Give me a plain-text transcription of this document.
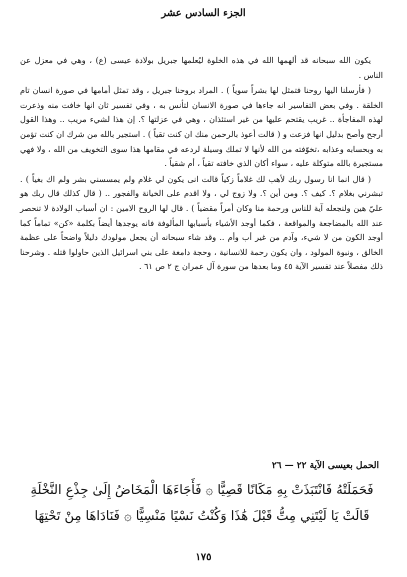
الجزء السادس عشر

يكون الله سبحانه قد ألهمها الله في هذه الخلوة ليُعلمها جبريل بولادة عيسى (ع) ، وهي في معزل عن الناس .

( فأرسلنا اليها روحنا فتمثل لها بشراً سوياً ) . المراد بروحنا جبريل ، وقد تمثل أمامها في صورة انسان تام الخلقة . وفي بعض التفاسير انه جاءها في صورة الانسان لتأنس به ، وفي تفسير ثان انها خافت منه وذعرت لهذه المفاجأة .. غريب يقتحم عليها من غير استئذان ، وهي في عزلتها ؟. إن هذا لشيء مريب .. وهذا القول أرجح وأصح بدليل انها فزعت و ( قالت أعوذ بالرحمن منك ان كنت تقياً ) . استجير بالله من شرك ان كنت تؤمن به وبحسابه وعذابه ،تخوّفته من الله لأنها لا تملك وسيلة لردعه في مقامها هذا سوى التخويف من الله ، ولا فهي مستجيرة بالله متوكلة عليه ، سواء أكان الذي خافته تقياً ، أم شقياً .

( قال انما انا رسول ربك لأهب لك غلاماً زكياً قالت انى يكون لي غلام ولم يمسسني بشر ولم اك بغياً ) . تبشرني بغلام ؟. كيف ؟. ومن أين ؟. ولا زوج لي ، ولا اقدم على الخيانة والفجور .. ( قال كذلك قال ربك هو عليّ هين ولنجعله آية للناس ورحمة منا وكان أمراً مقضياً ) . قال لها الروح الامين : ان أسباب الولادة لا تنحصر عند الله بالمضاجعة والمواقعة ، فكما أوجد الأشياء بأسبابها المألوفة فانه يوجدها أيضاً بكلمة «كن» تماماً كما أوجد الكون من لا شيء، وآدم من غير أب وأم .. وقد شاء سبحانه أن يجعل مولودك دليلاً واضحاً على عظمة الخالق ، ونبوة المولود ، وان يكون رحمة للانسانية ، وحجة دامغة على بني اسرائيل الذين حاولوا قتله . وشرحنا ذلك مفصلاً عند تفسير الآية ٤٥ وما بعدها من سورة آل عمران ج ٢ ص ٦١ .

الحمل بعيسى الآية ٢٢ — ٢٦

فَحَمَلَتْهُ فَانْتَبَذَتْ بِهِ مَكَانًا قَصِيًّا ۞ فَأَجَاءَهَا الْمَخَاضُ إِلَىٰ جِذْعِ النَّخْلَةِ

قَالَتْ يَا لَيْتَنِي مِتُّ قَبْلَ هَٰذَا وَكُنْتُ نَسْيًا مَنْسِيًّا ۞ فَنَادَاهَا مِنْ تَحْتِهَا

١٧٥
